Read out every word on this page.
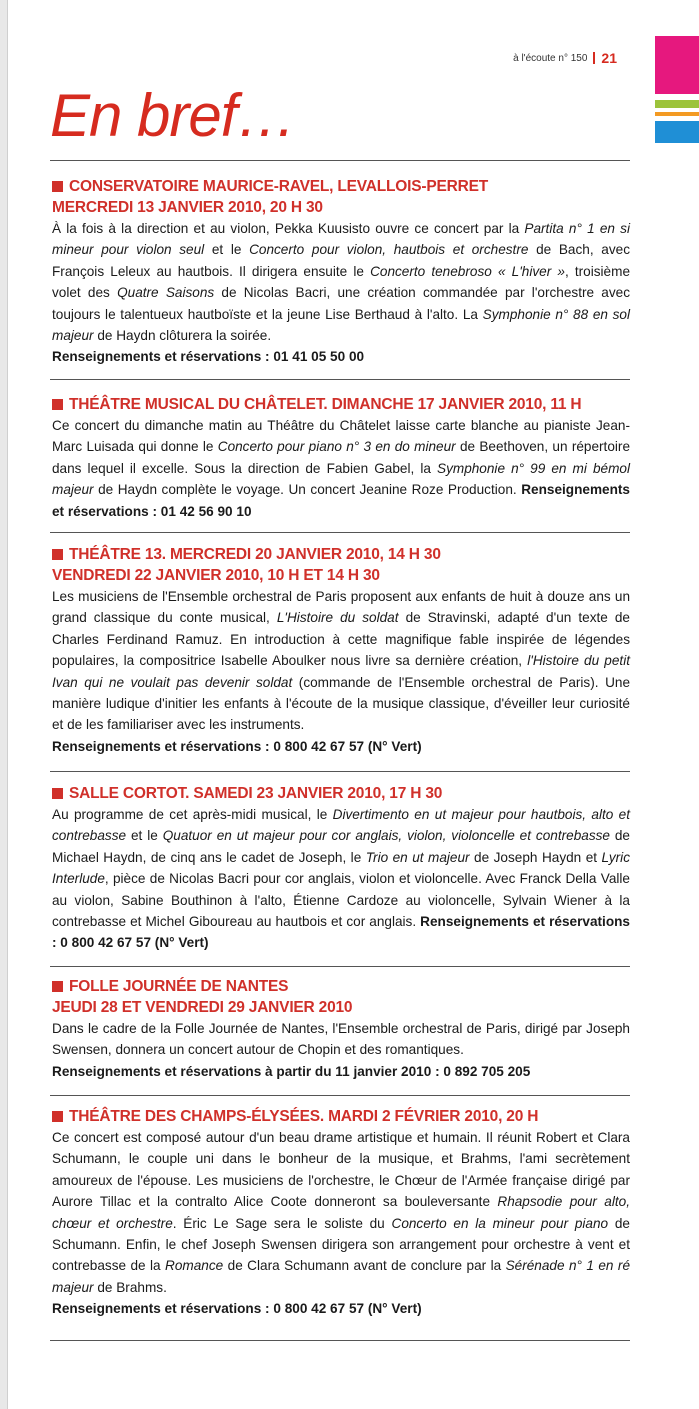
à l'écoute n° 150 21
En bref…
CONSERVATOIRE MAURICE-RAVEL, LEVALLOIS-PERRET
MERCREDI 13 JANVIER 2010, 20 H 30
À la fois à la direction et au violon, Pekka Kuusisto ouvre ce concert par la Partita n° 1 en si mineur pour violon seul et le Concerto pour violon, hautbois et orchestre de Bach, avec François Leleux au hautbois. Il dirigera ensuite le Concerto tenebroso « L'hiver », troisième volet des Quatre Saisons de Nicolas Bacri, une création commandée par l'orchestre avec toujours le talentueux hautboïste et la jeune Lise Berthaud à l'alto. La Symphonie n° 88 en sol majeur de Haydn clôturera la soirée.
Renseignements et réservations : 01 41 05 50 00
THÉÂTRE MUSICAL DU CHÂTELET. DIMANCHE 17 JANVIER 2010, 11 H
Ce concert du dimanche matin au Théâtre du Châtelet laisse carte blanche au pianiste Jean-Marc Luisada qui donne le Concerto pour piano n° 3 en do mineur de Beethoven, un répertoire dans lequel il excelle. Sous la direction de Fabien Gabel, la Symphonie n° 99 en mi bémol majeur de Haydn complète le voyage. Un concert Jeanine Roze Production. Renseignements et réservations : 01 42 56 90 10
THÉÂTRE 13. MERCREDI 20 JANVIER 2010, 14 H 30
VENDREDI 22 JANVIER 2010, 10 H ET 14 H 30
Les musiciens de l'Ensemble orchestral de Paris proposent aux enfants de huit à douze ans un grand classique du conte musical, L'Histoire du soldat de Stravinski, adapté d'un texte de Charles Ferdinand Ramuz. En introduction à cette magnifique fable inspirée de légendes populaires, la compositrice Isabelle Aboulker nous livre sa dernière création, l'Histoire du petit Ivan qui ne voulait pas devenir soldat (commande de l'Ensemble orchestral de Paris). Une manière ludique d'initier les enfants à l'écoute de la musique classique, d'éveiller leur curiosité et de les familiariser avec les instruments.
Renseignements et réservations : 0 800 42 67 57 (N° Vert)
SALLE CORTOT. SAMEDI 23 JANVIER 2010, 17 H 30
Au programme de cet après-midi musical, le Divertimento en ut majeur pour hautbois, alto et contrebasse et le Quatuor en ut majeur pour cor anglais, violon, violoncelle et contrebasse de Michael Haydn, de cinq ans le cadet de Joseph, le Trio en ut majeur de Joseph Haydn et Lyric Interlude, pièce de Nicolas Bacri pour cor anglais, violon et violoncelle. Avec Franck Della Valle au violon, Sabine Bouthinon à l'alto, Étienne Cardoze au violoncelle, Sylvain Wiener à la contrebasse et Michel Giboureau au hautbois et cor anglais. Renseignements et réservations : 0 800 42 67 57 (N° Vert)
FOLLE JOURNÉE DE NANTES
JEUDI 28 ET VENDREDI 29 JANVIER 2010
Dans le cadre de la Folle Journée de Nantes, l'Ensemble orchestral de Paris, dirigé par Joseph Swensen, donnera un concert autour de Chopin et des romantiques.
Renseignements et réservations à partir du 11 janvier 2010 : 0 892 705 205
THÉÂTRE DES CHAMPS-ÉLYSÉES. MARDI 2 FÉVRIER 2010, 20 H
Ce concert est composé autour d'un beau drame artistique et humain. Il réunit Robert et Clara Schumann, le couple uni dans le bonheur de la musique, et Brahms, l'ami secrètement amoureux de l'épouse. Les musiciens de l'orchestre, le Chœur de l'Armée française dirigé par Aurore Tillac et la contralto Alice Coote donneront sa bouleversante Rhapsodie pour alto, chœur et orchestre. Éric Le Sage sera le soliste du Concerto en la mineur pour piano de Schumann. Enfin, le chef Joseph Swensen dirigera son arrangement pour orchestre à vent et contrebasse de la Romance de Clara Schumann avant de conclure par la Sérénade n° 1 en ré majeur de Brahms.
Renseignements et réservations : 0 800 42 67 57 (N° Vert)
